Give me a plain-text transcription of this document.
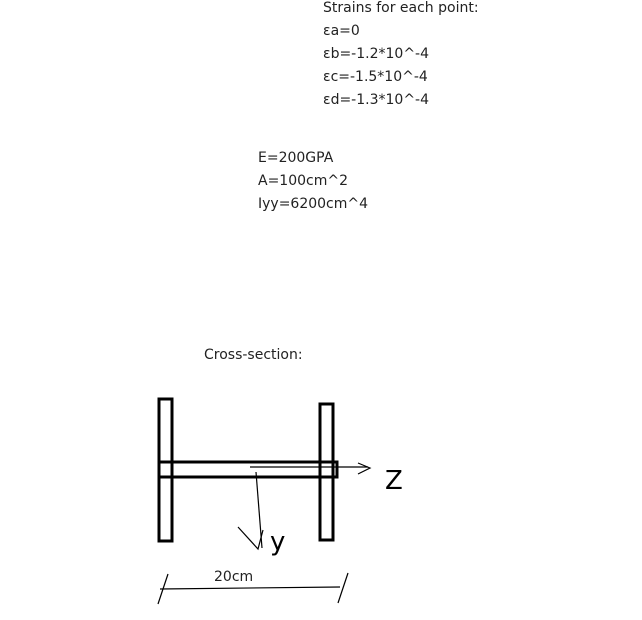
Strains for each point:
εa=0
εb=-1.2*10^-4
εc=-1.5*10^-4
εd=-1.3*10^-4
E=200GPA
A=100cm^2
Iyy=6200cm^4
Cross-section:
Z
y
20cm
